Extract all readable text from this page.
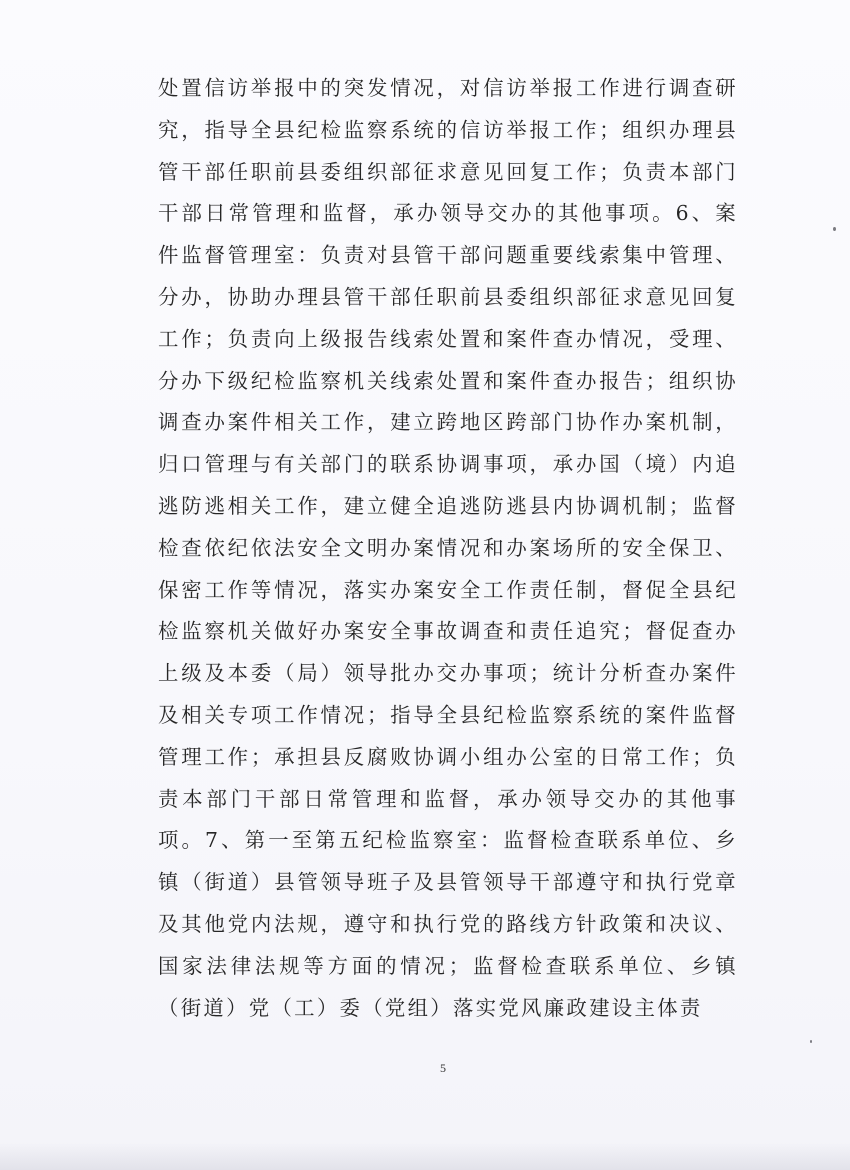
处置信访举报中的突发情况，对信访举报工作进行调查研究，指导全县纪检监察系统的信访举报工作；组织办理县管干部任职前县委组织部征求意见回复工作；负责本部门干部日常管理和监督，承办领导交办的其他事项。6、案件监督管理室：负责对县管干部问题重要线索集中管理、分办，协助办理县管干部任职前县委组织部征求意见回复工作；负责向上级报告线索处置和案件查办情况，受理、分办下级纪检监察机关线索处置和案件查办报告；组织协调查办案件相关工作，建立跨地区跨部门协作办案机制，归口管理与有关部门的联系协调事项，承办国（境）内追逃防逃相关工作，建立健全追逃防逃县内协调机制；监督检查依纪依法安全文明办案情况和办案场所的安全保卫、保密工作等情况，落实办案安全工作责任制，督促全县纪检监察机关做好办案安全事故调查和责任追究；督促查办上级及本委（局）领导批办交办事项；统计分析查办案件及相关专项工作情况；指导全县纪检监察系统的案件监督管理工作；承担县反腐败协调小组办公室的日常工作；负责本部门干部日常管理和监督，承办领导交办的其他事项。7、第一至第五纪检监察室：监督检查联系单位、乡镇（街道）县管领导班子及县管领导干部遵守和执行党章及其他党内法规，遵守和执行党的路线方针政策和决议、国家法律法规等方面的情况；监督检查联系单位、乡镇（街道）党（工）委（党组）落实党风廉政建设主体责

5
